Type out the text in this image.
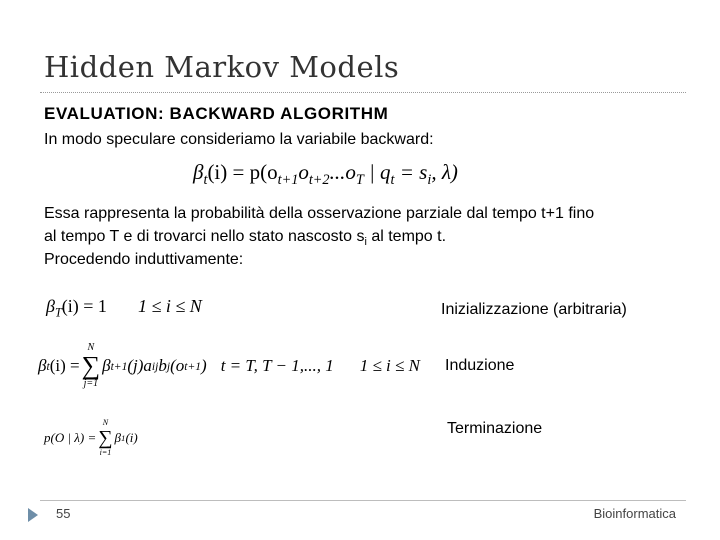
Hidden Markov Models
EVALUATION: BACKWARD ALGORITHM
In modo speculare consideriamo la variabile backward:
$\beta_t(i) = p(o_{t+1}o_{t+2}...o_T$ | $q_t = s_i$, λ)
Essa rappresenta la probabilità della osservazione parziale dal tempo t+1 fino
al tempo T e di trovarci nello stato nascosto $s_i$ al tempo t.
Procedendo induttivamente:
$\beta_T(i) = 1$ 1 ≤ i ≤ N	Inizializzazione (arbitraria)
β t (i) =
N
∑
j=1
β t+1 (j)a ij b j (o t+1 ) t = T, T − 1,..., 1 1 ≤ i ≤ N Induzione
p(O | λ) =
N
∑
i=1
β 1 (i)
Terminazione
55	Bioinformatica
